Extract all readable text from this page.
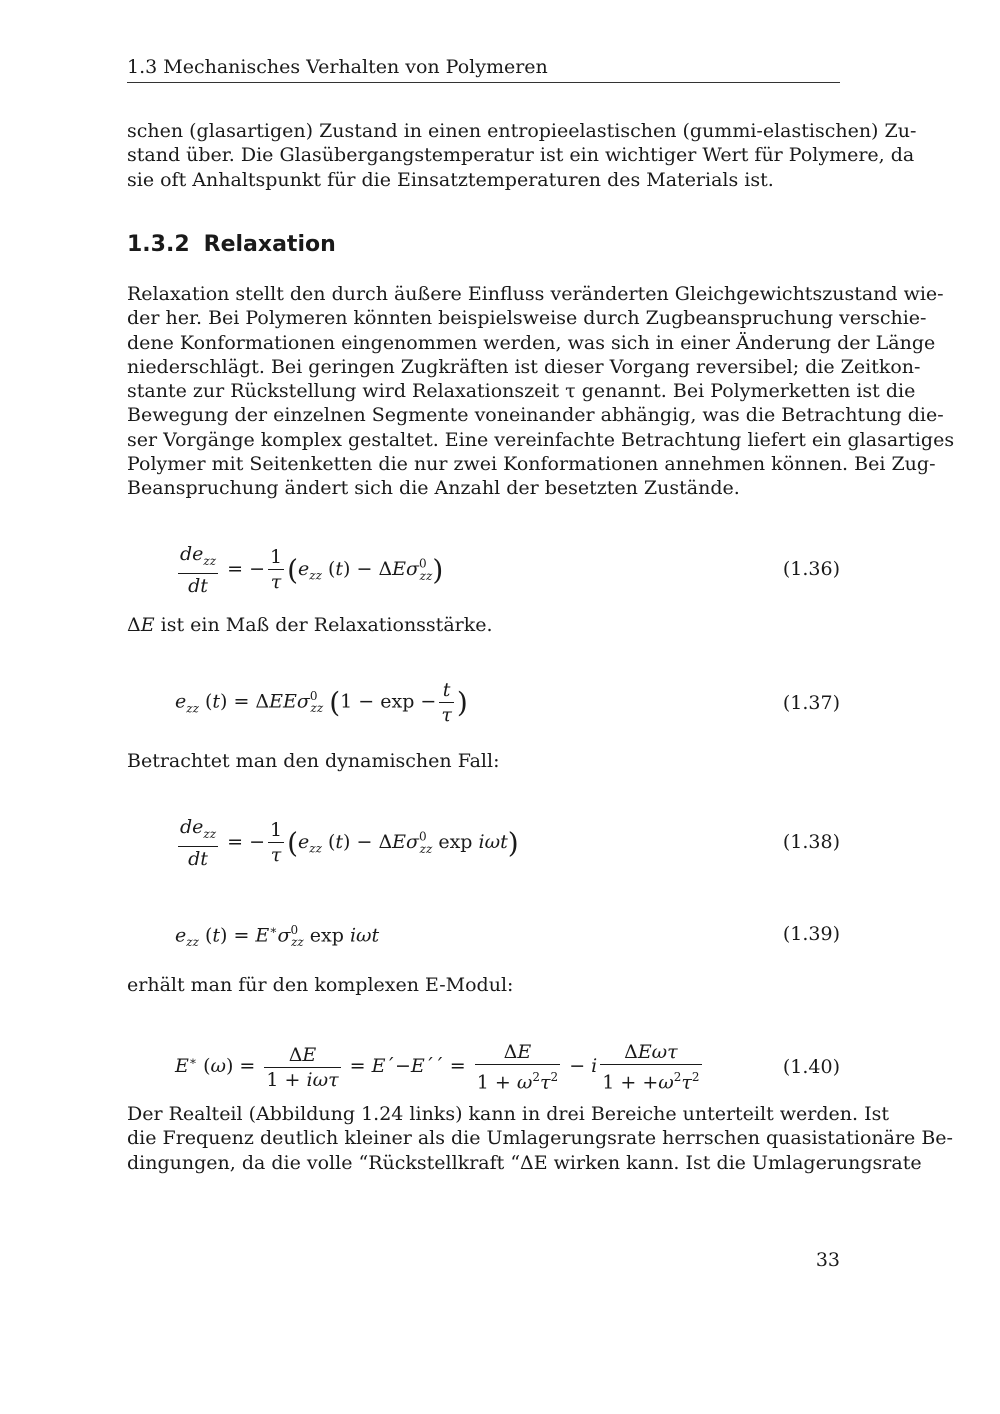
1.3 Mechanisches Verhalten von Polymeren
schen (glasartigen) Zustand in einen entropieelastischen (gummi-elastischen) Zu-
stand über. Die Glasübergangstemperatur ist ein wichtiger Wert für Polymere, da
sie oft Anhaltspunkt für die Einsatztemperaturen des Materials ist.
1.3.2 Relaxation
Relaxation stellt den durch äußere Einfluss veränderten Gleichgewichtszustand wie-
der her. Bei Polymeren könnten beispielsweise durch Zugbeanspruchung verschie-
dene Konformationen eingenommen werden, was sich in einer Änderung der Länge
niederschlägt. Bei geringen Zugkräften ist dieser Vorgang reversibel; die Zeitkon-
stante zur Rückstellung wird Relaxationszeit τ genannt. Bei Polymerketten ist die
Bewegung der einzelnen Segmente voneinander abhängig, was die Betrachtung die-
ser Vorgänge komplex gestaltet. Eine vereinfachte Betrachtung liefert ein glasartiges
Polymer mit Seitenketten die nur zwei Konformationen annehmen können. Bei Zug-
Beanspruchung ändert sich die Anzahl der besetzten Zustände.
$\frac{de_{zz}}{dt}$ = − $\frac{1}{\tau} (e_{zz}$ (t) − ΔEσ$^0_{zz}$)	(1.36)
ΔE ist ein Maß der Relaxationsstärke.
$e_{zz}$ (t) = ΔEEσ$^0_{zz}$ ($1 - \exp - \frac{t}{\tau}$ )	(1.37)
Betrachtet man den dynamischen Fall:
$\frac{de_{zz}}{dt}$ = − $\frac{1}{\tau} (e_{zz}$ (t) − ΔEσ$^0_{zz}$ exp iωt)	(1.38)
$e_{zz}$ $(t) = E^∗\sigma^0_{zz}$ exp iωt	(1.39)
erhält man für den komplexen E-Modul:
E∗ $(\omega) = \frac{\Delta E}{\text{1 + iωτ}}$ = E´−E´´ = $\frac{\Delta E}{1 + \omega^2\tau^2} - i \frac{\text{ΔEωτ}}{1 + +\omega^2\tau^2}$	(1.40)
Der Realteil (Abbildung 1.24 links) kann in drei Bereiche unterteilt werden. Ist
die Frequenz deutlich kleiner als die Umlagerungsrate herrschen quasistationäre Be-
dingungen, da die volle “Rückstellkraft “ΔE wirken kann. Ist die Umlagerungsrate
33
